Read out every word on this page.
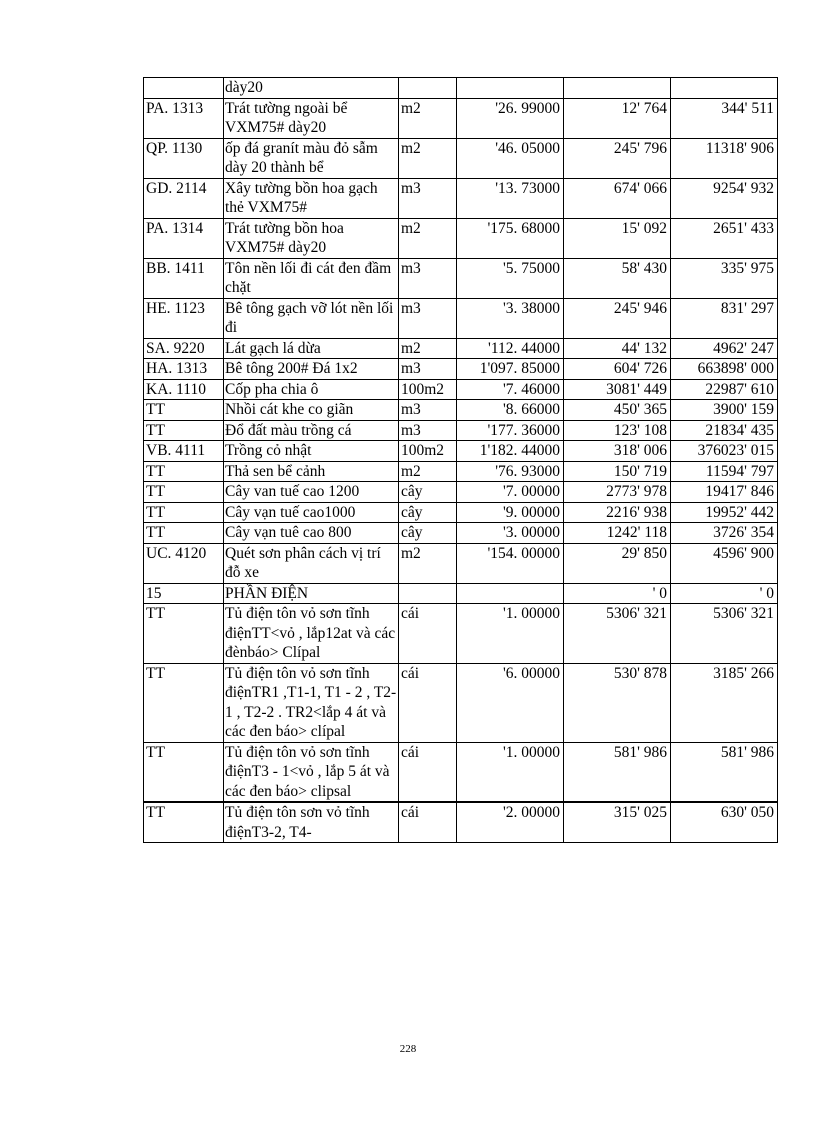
	dày20				
PA. 1313	Trát tường ngoài bể VXM75# dày20	m2	'26. 99000	12' 764	344' 511
QP. 1130	ốp đá granít màu đỏ sẫm dày 20 thành bể	m2	'46. 05000	245' 796	11318' 906
GD. 2114	Xây tường bồn hoa gạch thẻ VXM75#	m3	'13. 73000	674' 066	9254' 932
PA. 1314	Trát tường bồn hoa VXM75# dày20	m2	'175. 68000	15' 092	2651' 433
BB. 1411	Tôn nền lối đi cát đen đầm chặt	m3	'5. 75000	58' 430	335' 975
HE. 1123	Bê tông gạch vỡ lót nền lối đi	m3	'3. 38000	245' 946	831' 297
SA. 9220	Lát gạch lá dừa	m2	'112. 44000	44' 132	4962' 247
HA. 1313	Bê tông 200# Đá 1x2	m3	1'097. 85000	604' 726	663898' 000
KA. 1110	Cốp pha chia ô	100m2	'7. 46000	3081' 449	22987' 610
TT	Nhồi cát khe co giãn	m3	'8. 66000	450' 365	3900' 159
TT	Đổ đất màu trồng cá	m3	'177. 36000	123' 108	21834' 435
VB. 4111	Trồng cỏ nhật	100m2	1'182. 44000	318' 006	376023' 015
TT	Thả sen bể cảnh	m2	'76. 93000	150' 719	11594' 797
TT	Cây van tuế cao 1200	cây	'7. 00000	2773' 978	19417' 846
TT	Cây vạn tuế cao1000	cây	'9. 00000	2216' 938	19952' 442
TT	Cây vạn tuê cao 800	cây	'3. 00000	1242' 118	3726' 354
UC. 4120	Quét sơn phân cách vị trí đỗ xe	m2	'154. 00000	29' 850	4596' 900
15	PHẦN ĐIỆN			' 0	' 0
TT	Tủ điện tôn vỏ sơn tĩnh điệnTT<vỏ , lắp12at và các đènbáo> Clípal	cái	'1. 00000	5306' 321	5306' 321
TT	Tủ điện tôn vỏ sơn tĩnh điệnTR1 ,T1-1, T1 - 2 , T2-1 , T2-2 . TR2<lắp 4 át và các đen báo> clípal	cái	'6. 00000	530' 878	3185' 266
TT	Tủ điện tôn vỏ sơn tĩnh điệnT3 - 1<vỏ , lắp 5 át và các đen báo> clipsal	cái	'1. 00000	581' 986	581' 986
TT	Tủ điện tôn sơn vỏ tĩnh điệnT3-2, T4-	cái	'2. 00000	315' 025	630' 050
228
